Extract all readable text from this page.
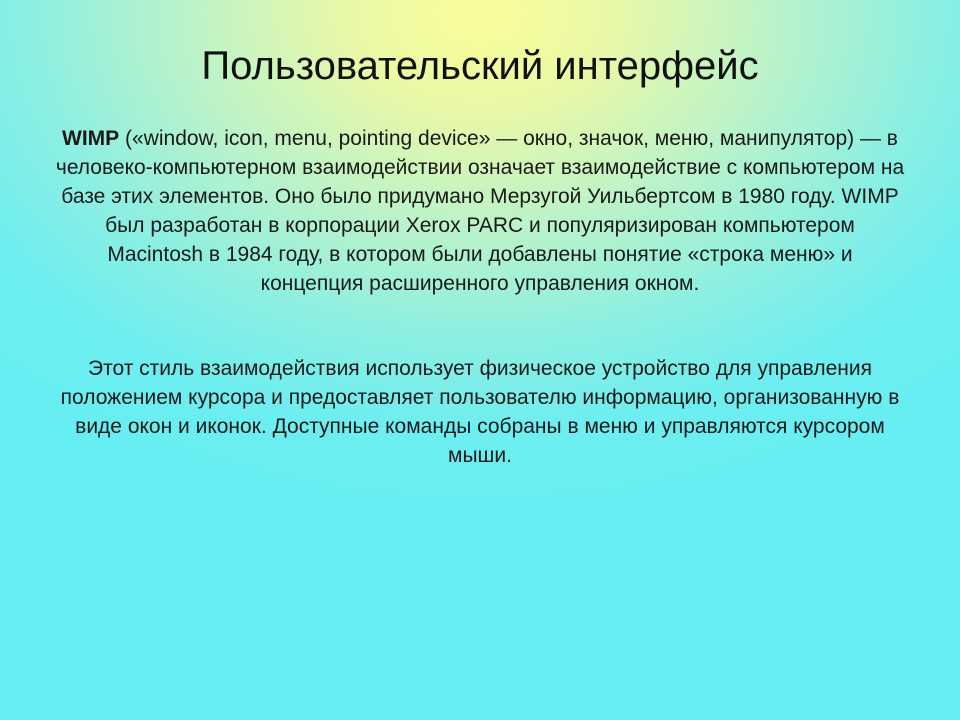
Пользовательский интерфейс

WIMP («window, icon, menu, pointing device» — окно, значок, меню, манипулятор) — в человеко-компьютерном взаимодействии означает взаимодействие с компьютером на базе этих элементов. Оно было придумано Мерзугой Уильбертсом в 1980 году. WIMP был разработан в корпорации Xerox PARC и популяризирован компьютером Macintosh в 1984 году, в котором были добавлены понятие «строка меню» и концепция расширенного управления окном.

Этот стиль взаимодействия использует физическое устройство для управления положением курсора и предоставляет пользователю информацию, организованную в виде окон и иконок. Доступные команды собраны в меню и управляются курсором мыши.
